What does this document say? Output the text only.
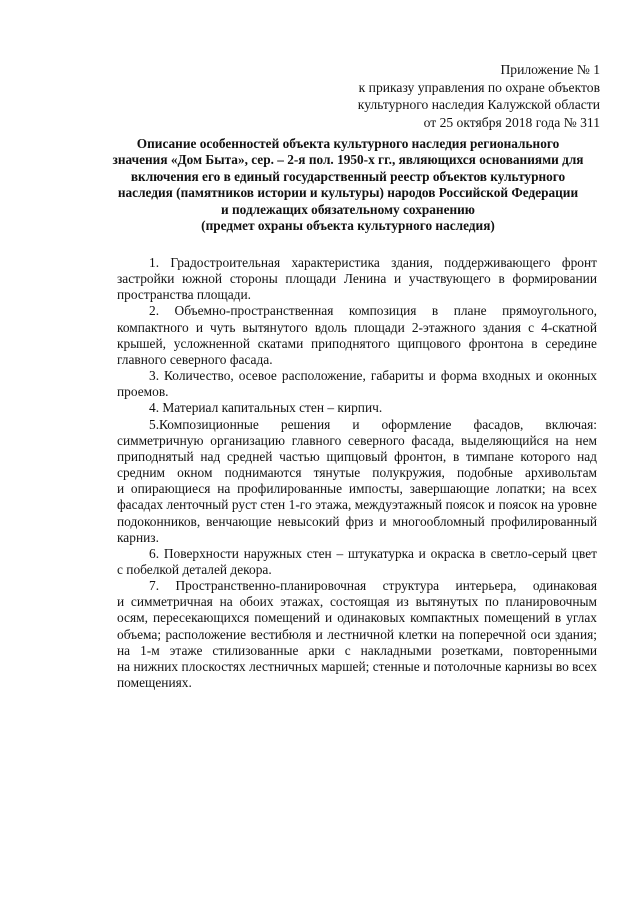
Приложение № 1
к приказу управления по охране объектов
культурного наследия Калужской области
от 25 октября 2018 года № 311
Описание особенностей объекта культурного наследия регионального
значения «Дом Быта», сер. – 2-я пол. 1950-х гг., являющихся основаниями для
включения его в единый государственный реестр объектов культурного
наследия (памятников истории и культуры) народов Российской Федерации
и подлежащих обязательному сохранению
(предмет охраны объекта культурного наследия)
1. Градостроительная характеристика здания, поддерживающего фронт
застройки южной стороны площади Ленина и участвующего в формировании
пространства площади.
2. Объемно-пространственная композиция в плане прямоугольного,
компактного и чуть вытянутого вдоль площади 2-этажного здания с 4-скатной
крышей, усложненной скатами приподнятого щипцового фронтона в середине
главного северного фасада.
3. Количество, осевое расположение, габариты и форма входных и оконных
проемов.
4. Материал капитальных стен – кирпич.
5.Композиционные решения и оформление фасадов, включая:
симметричную организацию главного северного фасада, выделяющийся на нем
приподнятый над средней частью щипцовый фронтон, в тимпане которого над
средним окном поднимаются тянутые полукружия, подобные архивольтам
и опирающиеся на профилированные импосты, завершающие лопатки; на всех
фасадах ленточный руст стен 1-го этажа, междуэтажный поясок и поясок на уровне
подоконников, венчающие невысокий фриз и многообломный профилированный
карниз.
6. Поверхности наружных стен – штукатурка и окраска в светло-серый цвет
с побелкой деталей декора.
7. Пространственно-планировочная структура интерьера, одинаковая
и симметричная на обоих этажах, состоящая из вытянутых по планировочным
осям, пересекающихся помещений и одинаковых компактных помещений в углах
объема; расположение вестибюля и лестничной клетки на поперечной оси здания;
на 1-м этаже стилизованные арки с накладными розетками, повторенными
на нижних плоскостях лестничных маршей; стенные и потолочные карнизы во всех
помещениях.
